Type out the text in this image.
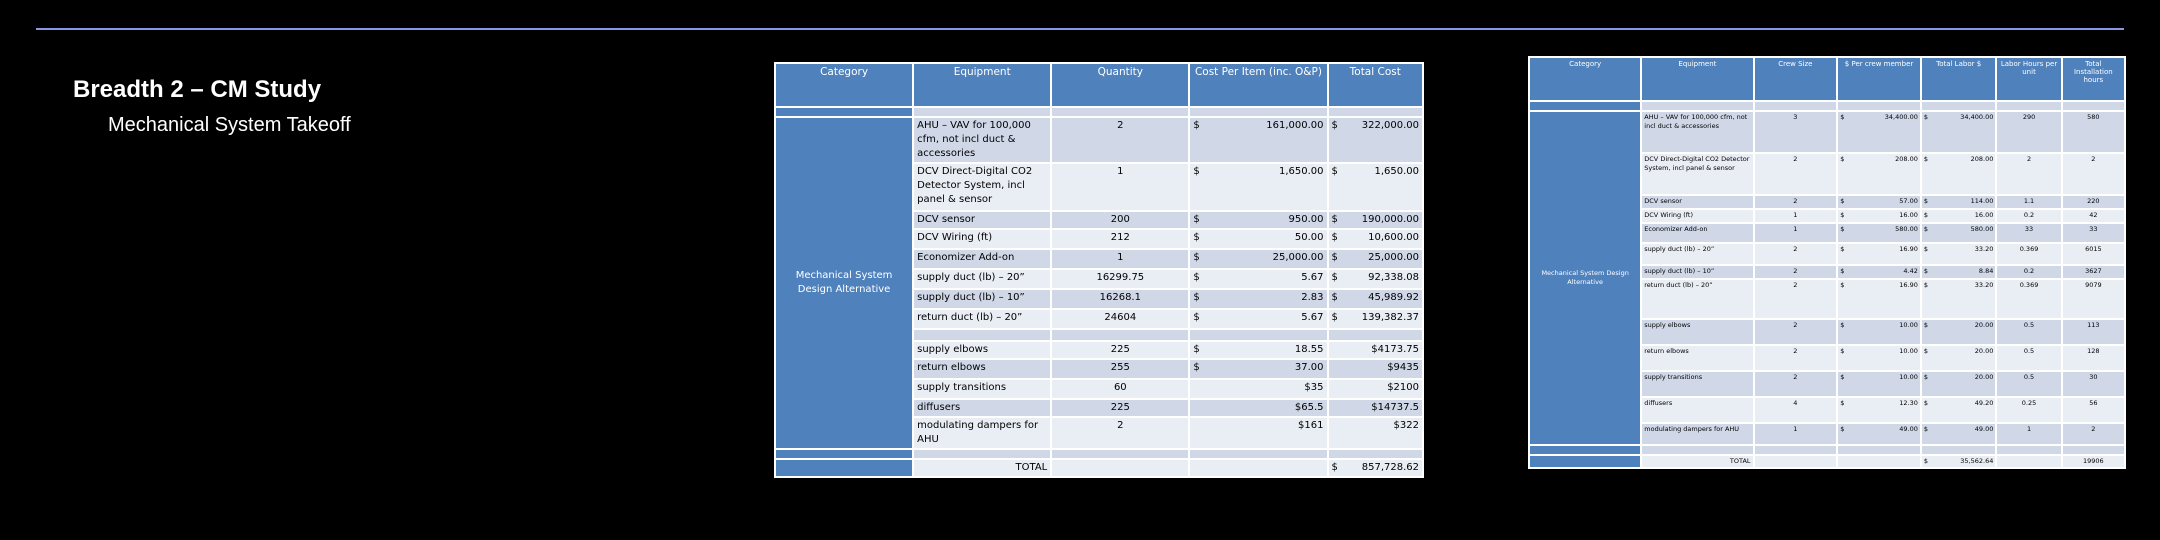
Breadth 2 – CM Study
Mechanical System Takeoff
Category	Equipment	Quantity	Cost Per Item (inc. O&P)	Total Cost

Mechanical System Design Alternative	AHU – VAV for 100,000 cfm, not incl duct & accessories	2	$ 161,000.00	$ 322,000.00

	DCV Direct-Digital CO2 Detector System, incl panel & sensor	1	$ 1,650.00	$ 1,650.00

	DCV sensor	200	$ 950.00	$ 190,000.00

	DCV Wiring (ft)	212	$ 50.00	$ 10,600.00

	Economizer Add-on	1	$ 25,000.00	$ 25,000.00

	supply duct (lb) – 20”	16299.75	$ 5.67	$ 92,338.08

	supply duct (lb) – 10”	16268.1	$ 2.83	$ 45,989.92

	return duct (lb) – 20”	24604	$ 5.67	$ 139,382.37

	supply elbows	225	$ 18.55	$4173.75

	return elbows	255	$ 37.00	$9435

	supply transitions	60	$35	$2100

	diffusers	225	$65.5	$14737.5

	modulating dampers for AHU	2	$161	$322

	TOTAL			$ 857,728.62
Category	Equipment	Crew Size	$ Per crew member	Total Labor $	Labor Hours per unit	Total Installation hours

Mechanical System Design Alternative	AHU – VAV for 100,000 cfm, not incl duct & accessories	3	$ 34,400.00	$ 34,400.00	290	580
	DCV Direct-Digital CO2 Detector System, incl panel & sensor	2	$ 208.00	$ 208.00	2	2
	DCV sensor	2	$ 57.00	$ 114.00	1.1	220
	DCV Wiring (ft)	1	$ 16.00	$ 16.00	0.2	42
	Economizer Add-on	1	$ 580.00	$ 580.00	33	33
	supply duct (lb) – 20”	2	$ 16.90	$ 33.20	0.369	6015
	supply duct (lb) – 10”	2	$ 4.42	$ 8.84	0.2	3627
	return duct (lb) – 20”	2	$ 16.90	$ 33.20	0.369	9079
	supply elbows	2	$ 10.00	$ 20.00	0.5	113
	return elbows	2	$ 10.00	$ 20.00	0.5	128
	supply transitions	2	$ 10.00	$ 20.00	0.5	30
	diffusers	4	$ 12.30	$ 49.20	0.25	56
	modulating dampers for AHU	1	$ 49.00	$ 49.00	1	2

	TOTAL			$ 35,562.64		19906
